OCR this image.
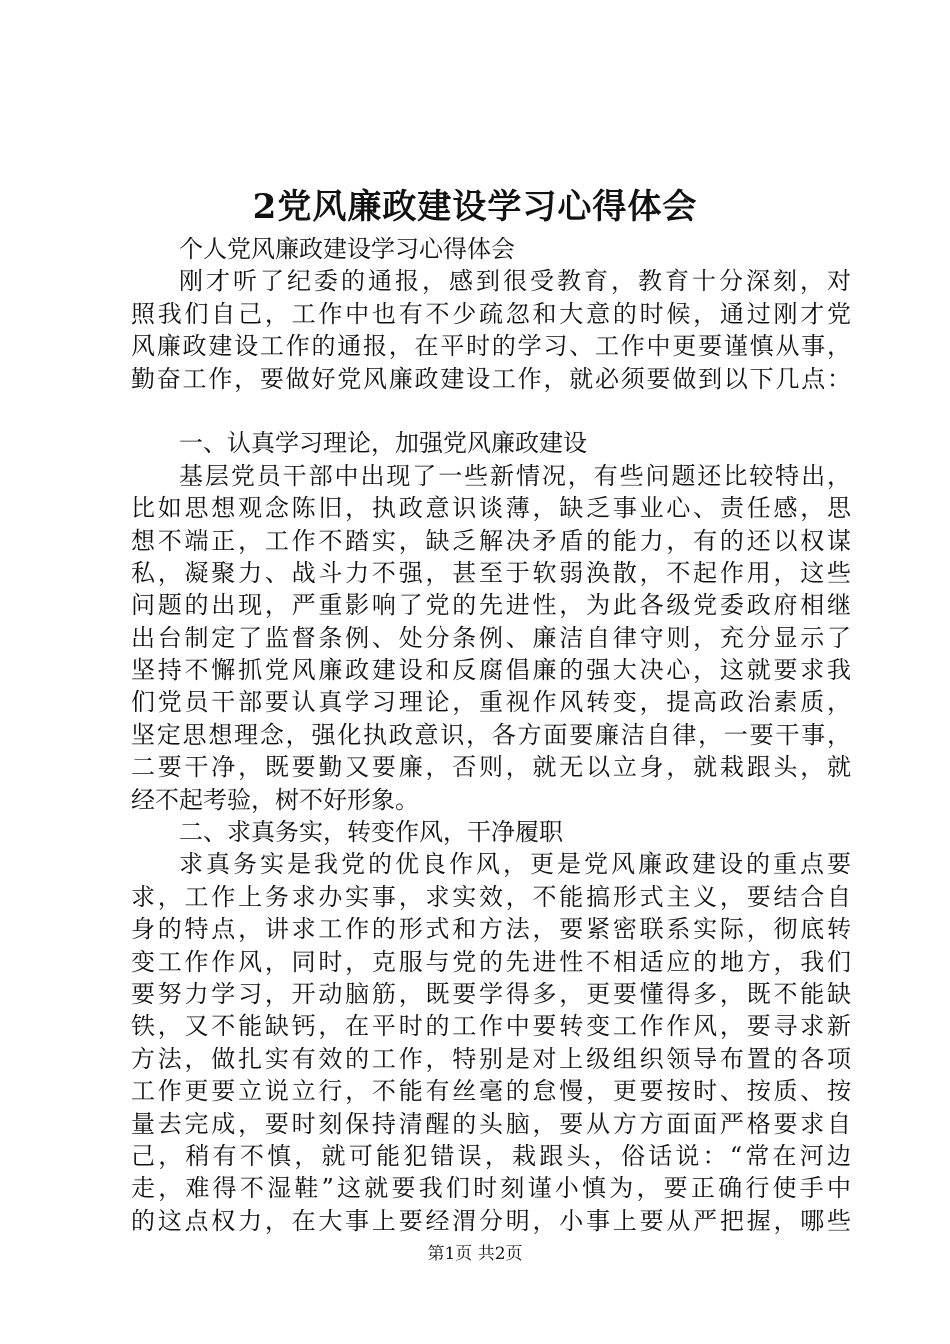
2党风廉政建设学习心得体会
个人党风廉政建设学习心得体会
刚才听了纪委的通报，感到很受教育，教育十分深刻，对
照我们自己，工作中也有不少疏忽和大意的时候，通过刚才党
风廉政建设工作的通报，在平时的学习、工作中更要谨慎从事，
勤奋工作，要做好党风廉政建设工作，就必须要做到以下几点：
一、认真学习理论，加强党风廉政建设
基层党员干部中出现了一些新情况，有些问题还比较特出，
比如思想观念陈旧，执政意识谈薄，缺乏事业心、责任感，思
想不端正，工作不踏实，缺乏解决矛盾的能力，有的还以权谋
私，凝聚力、战斗力不强，甚至于软弱涣散，不起作用，这些
问题的出现，严重影响了党的先进性，为此各级党委政府相继
出台制定了监督条例、处分条例、廉洁自律守则，充分显示了
坚持不懈抓党风廉政建设和反腐倡廉的强大决心，这就要求我
们党员干部要认真学习理论，重视作风转变，提高政治素质，
坚定思想理念，强化执政意识，各方面要廉洁自律，一要干事，
二要干净，既要勤又要廉，否则，就无以立身，就栽跟头，就
经不起考验，树不好形象。
二、求真务实，转变作风，干净履职
求真务实是我党的优良作风，更是党风廉政建设的重点要
求，工作上务求办实事，求实效，不能搞形式主义，要结合自
身的特点，讲求工作的形式和方法，要紧密联系实际，彻底转
变工作作风，同时，克服与党的先进性不相适应的地方，我们
要努力学习，开动脑筋，既要学得多，更要懂得多，既不能缺
铁，又不能缺钙，在平时的工作中要转变工作作风，要寻求新
方法，做扎实有效的工作，特别是对上级组织领导布置的各项
工作更要立说立行，不能有丝毫的怠慢，更要按时、按质、按
量去完成，要时刻保持清醒的头脑，要从方方面面严格要求自
己，稍有不慎，就可能犯错误，栽跟头，俗话说：“常在河边
走，难得不湿鞋”这就要我们时刻谨小慎为，要正确行使手中
的这点权力，在大事上要经渭分明，小事上要从严把握，哪些
第1页 共2页
